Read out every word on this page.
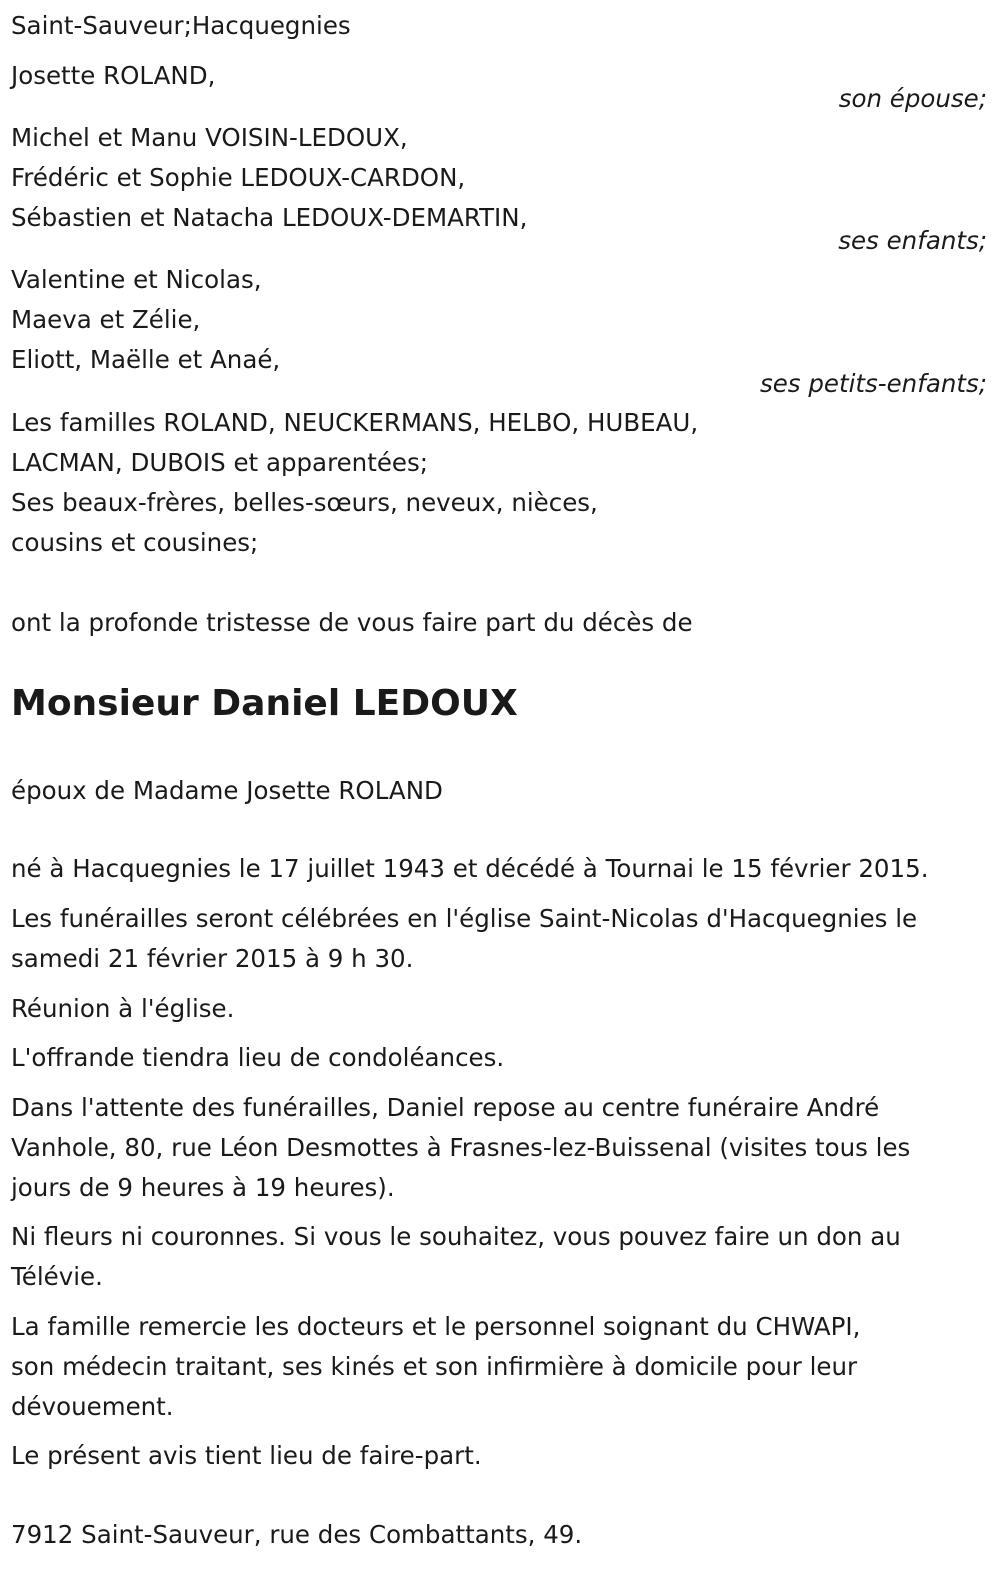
Saint-Sauveur;Hacquegnies
Josette ROLAND,
son épouse;
Michel et Manu VOISIN-LEDOUX,
Frédéric et Sophie LEDOUX-CARDON,
Sébastien et Natacha LEDOUX-DEMARTIN,
ses enfants;
Valentine et Nicolas,
Maeva et Zélie,
Eliott, Maëlle et Anaé,
ses petits-enfants;
Les familles ROLAND, NEUCKERMANS, HELBO, HUBEAU,
LACMAN, DUBOIS et apparentées;
Ses beaux-frères, belles-sœurs, neveux, nièces,
cousins et cousines;
ont la profonde tristesse de vous faire part du décès de
Monsieur Daniel LEDOUX
époux de Madame Josette ROLAND
né à Hacquegnies le 17 juillet 1943 et décédé à Tournai le 15 février 2015.
Les funérailles seront célébrées en l'église Saint-Nicolas d'Hacquegnies le
samedi 21 février 2015 à 9 h 30.
Réunion à l'église.
L'offrande tiendra lieu de condoléances.
Dans l'attente des funérailles, Daniel repose au centre funéraire André
Vanhole, 80, rue Léon Desmottes à Frasnes-lez-Buissenal (visites tous les
jours de 9 heures à 19 heures).
Ni fleurs ni couronnes. Si vous le souhaitez, vous pouvez faire un don au
Télévie.
La famille remercie les docteurs et le personnel soignant du CHWAPI,
son médecin traitant, ses kinés et son infirmière à domicile pour leur
dévouement.
Le présent avis tient lieu de faire-part.
7912 Saint-Sauveur, rue des Combattants, 49.
